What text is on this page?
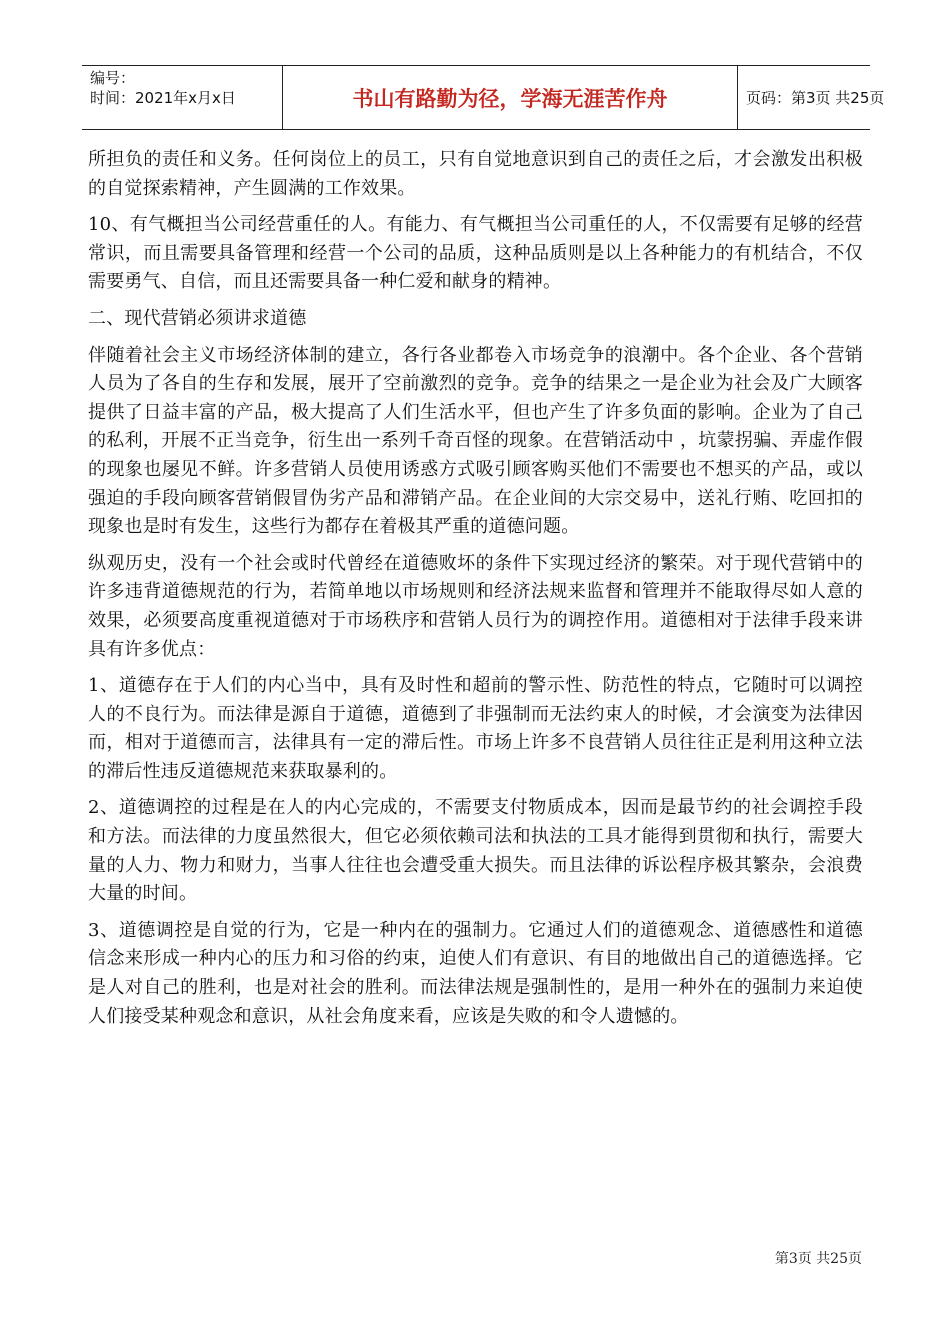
编号：
时间：2021年x月x日	书山有路勤为径，学海无涯苦作舟	页码：第3页 共25页

所担负的责任和义务。任何岗位上的员工，只有自觉地意识到自己的责任之后，才会激发出积极的自觉探索精神，产生圆满的工作效果。

10、有气概担当公司经营重任的人。有能力、有气概担当公司重任的人，不仅需要有足够的经营常识，而且需要具备管理和经营一个公司的品质，这种品质则是以上各种能力的有机结合，不仅需要勇气、自信，而且还需要具备一种仁爱和献身的精神。

二、现代营销必须讲求道德

伴随着社会主义市场经济体制的建立，各行各业都卷入市场竞争的浪潮中。各个企业、各个营销人员为了各自的生存和发展，展开了空前激烈的竞争。竞争的结果之一是企业为社会及广大顾客提供了日益丰富的产品，极大提高了人们生活水平，但也产生了许多负面的影响。企业为了自己的私利，开展不正当竞争，衍生出一系列千奇百怪的现象。在营销活动中 ，坑蒙拐骗、弄虚作假的现象也屡见不鲜。许多营销人员使用诱惑方式吸引顾客购买他们不需要也不想买的产品，或以强迫的手段向顾客营销假冒伪劣产品和滞销产品。在企业间的大宗交易中，送礼行贿、吃回扣的现象也是时有发生，这些行为都存在着极其严重的道德问题。

纵观历史，没有一个社会或时代曾经在道德败坏的条件下实现过经济的繁荣。对于现代营销中的许多违背道德规范的行为，若简单地以市场规则和经济法规来监督和管理并不能取得尽如人意的效果，必须要高度重视道德对于市场秩序和营销人员行为的调控作用。道德相对于法律手段来讲具有许多优点：

1、道德存在于人们的内心当中，具有及时性和超前的警示性、防范性的特点，它随时可以调控人的不良行为。而法律是源自于道德，道德到了非强制而无法约束人的时候，才会演变为法律因而，相对于道德而言，法律具有一定的滞后性。市场上许多不良营销人员往往正是利用这种立法的滞后性违反道德规范来获取暴利的。

2、道德调控的过程是在人的内心完成的，不需要支付物质成本，因而是最节约的社会调控手段和方法。而法律的力度虽然很大，但它必须依赖司法和执法的工具才能得到贯彻和执行，需要大量的人力、物力和财力，当事人往往也会遭受重大损失。而且法律的诉讼程序极其繁杂，会浪费大量的时间。

3、道德调控是自觉的行为，它是一种内在的强制力。它通过人们的道德观念、道德感性和道德信念来形成一种内心的压力和习俗的约束，迫使人们有意识、有目的地做出自己的道德选择。它是人对自己的胜利，也是对社会的胜利。而法律法规是强制性的，是用一种外在的强制力来迫使人们接受某种观念和意识，从社会角度来看，应该是失败的和令人遗憾的。

第3页 共25页
